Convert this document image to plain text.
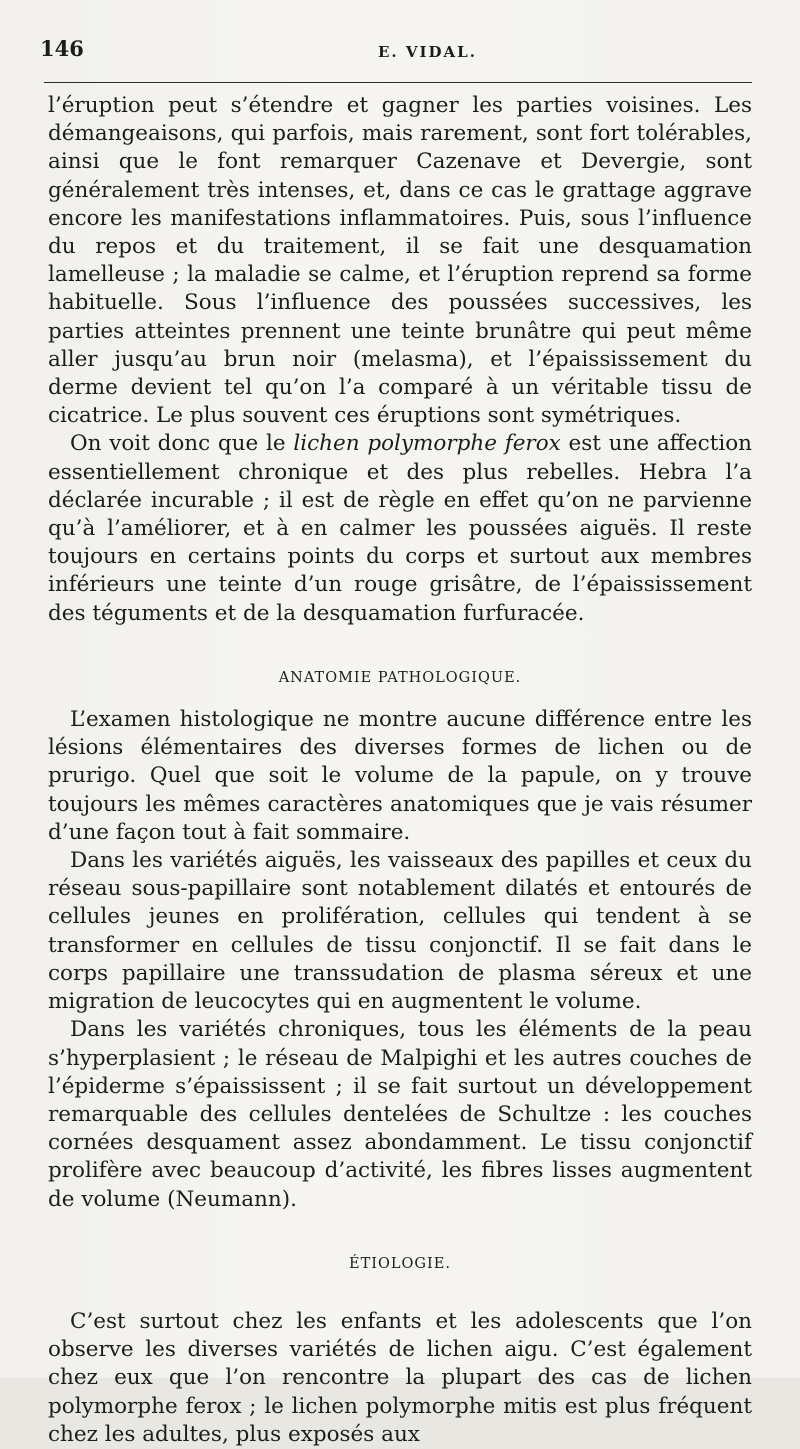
146	E. VIDAL.

l’éruption peut s’étendre et gagner les parties voisines. Les démangeaisons, qui parfois, mais rarement, sont fort tolérables, ainsi que le font remarquer Cazenave et Devergie, sont généralement très intenses, et, dans ce cas le grattage aggrave encore les manifestations inflammatoires. Puis, sous l’influence du repos et du traitement, il se fait une desquamation lamelleuse ; la maladie se calme, et l’éruption reprend sa forme habituelle. Sous l’influence des poussées successives, les parties atteintes prennent une teinte brunâtre qui peut même aller jusqu’au brun noir (melasma), et l’épaississement du derme devient tel qu’on l’a comparé à un véritable tissu de cicatrice. Le plus souvent ces éruptions sont symétriques.

On voit donc que le lichen polymorphe ferox est une affection essentiellement chronique et des plus rebelles. Hebra l’a déclarée incurable ; il est de règle en effet qu’on ne parvienne qu’à l’améliorer, et à en calmer les poussées aiguës. Il reste toujours en certains points du corps et surtout aux membres inférieurs une teinte d’un rouge grisâtre, de l’épaississement des téguments et de la desquamation furfuracée.

ANATOMIE PATHOLOGIQUE.

L’examen histologique ne montre aucune différence entre les lésions élémentaires des diverses formes de lichen ou de prurigo. Quel que soit le volume de la papule, on y trouve toujours les mêmes caractères anatomiques que je vais résumer d’une façon tout à fait sommaire.

Dans les variétés aiguës, les vaisseaux des papilles et ceux du réseau sous-papillaire sont notablement dilatés et entourés de cellules jeunes en prolifération, cellules qui tendent à se transformer en cellules de tissu conjonctif. Il se fait dans le corps papillaire une transsudation de plasma séreux et une migration de leucocytes qui en augmentent le volume.

Dans les variétés chroniques, tous les éléments de la peau s’hyperplasient ; le réseau de Malpighi et les autres couches de l’épiderme s’épaississent ; il se fait surtout un développement remarquable des cellules dentelées de Schultze : les couches cornées desquament assez abondamment. Le tissu conjonctif prolifère avec beaucoup d’activité, les fibres lisses augmentent de volume (Neumann).

ÉTIOLOGIE.

C’est surtout chez les enfants et les adolescents que l’on observe les diverses variétés de lichen aigu. C’est également chez eux que l’on rencontre la plupart des cas de lichen polymorphe ferox ; le lichen polymorphe mitis est plus fréquent chez les adultes, plus exposés aux
